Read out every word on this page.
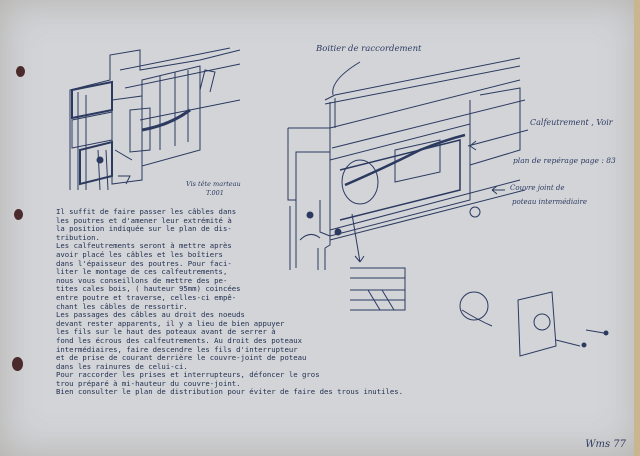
Boitier de raccordement
Vis tête marteau
T.001
Calfeutrement , Voir
plan de repérage page : 83
Couvre joint de
poteau intermédiaire
Il suffit de faire passer les câbles dans
les poutres et d'amener leur extrémité à
la position indiquée sur le plan de dis-
tribution.
Les calfeutrements seront à mettre après
avoir placé les câbles et les boîtiers
dans l'épaisseur des poutres. Pour faci-
liter le montage de ces calfeutrements,
nous vous conseillons de mettre des pe-
tites cales bois, ( hauteur 95mm) coincées
entre poutre et traverse, celles-ci empê-
chant les câbles de ressortir.
Les passages des câbles au droit des noeuds
devant rester apparents, il y a lieu de bien appuyer
les fils sur le haut des poteaux avant de serrer à
fond les écrous des calfeutrements. Au droit des poteaux
intermédiaires, faire descendre les fils d'interrupteur
et de prise de courant derrière le couvre-joint de poteau
dans les rainures de celui-ci.
Pour raccorder les prises et interrupteurs, défoncer le gros
trou préparé à mi-hauteur du couvre-joint.
Bien consulter le plan de distribution pour éviter de faire des trous inutiles.
Wms 77
